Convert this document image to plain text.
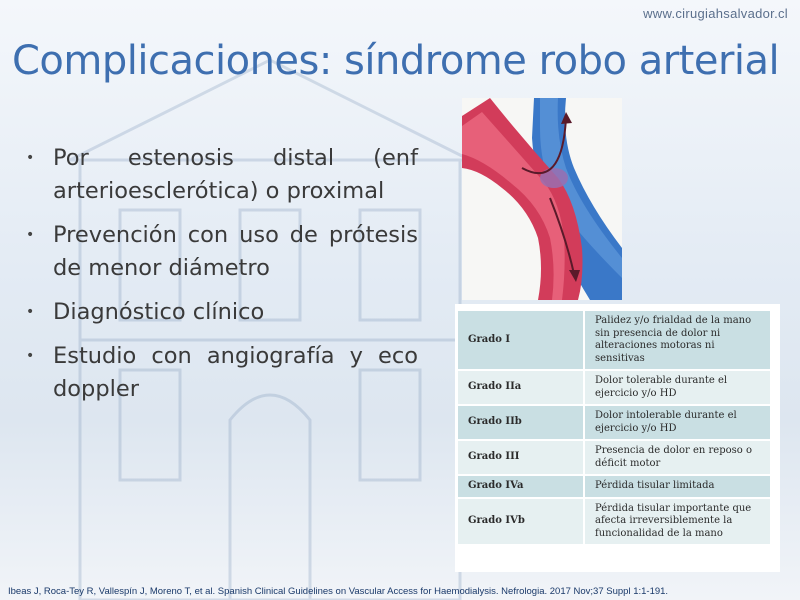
www.cirugiahsalvador.cl
Complicaciones: síndrome robo arterial
• Por estenosis distal (enf arterioesclerótica) o proximal
• Prevención con uso de prótesis de menor diámetro
• Diagnóstico clínico
• Estudio con angiografía y eco doppler
Grado I	Palidez y/o frialdad de la mano sin presencia de dolor ni alteraciones motoras ni sensitivas
Grado IIa	Dolor tolerable durante el ejercicio y/o HD
Grado IIb	Dolor intolerable durante el ejercicio y/o HD
Grado III	Presencia de dolor en reposo o déficit motor
Grado IVa	Pérdida tisular limitada
Grado IVb	Pérdida tisular importante que afecta irreversiblemente la funcionalidad de la mano
Ibeas J, Roca-Tey R, Vallespín J, Moreno T, et al. Spanish Clinical Guidelines on Vascular Access for Haemodialysis. Nefrologia. 2017 Nov;37 Suppl 1:1-191.
